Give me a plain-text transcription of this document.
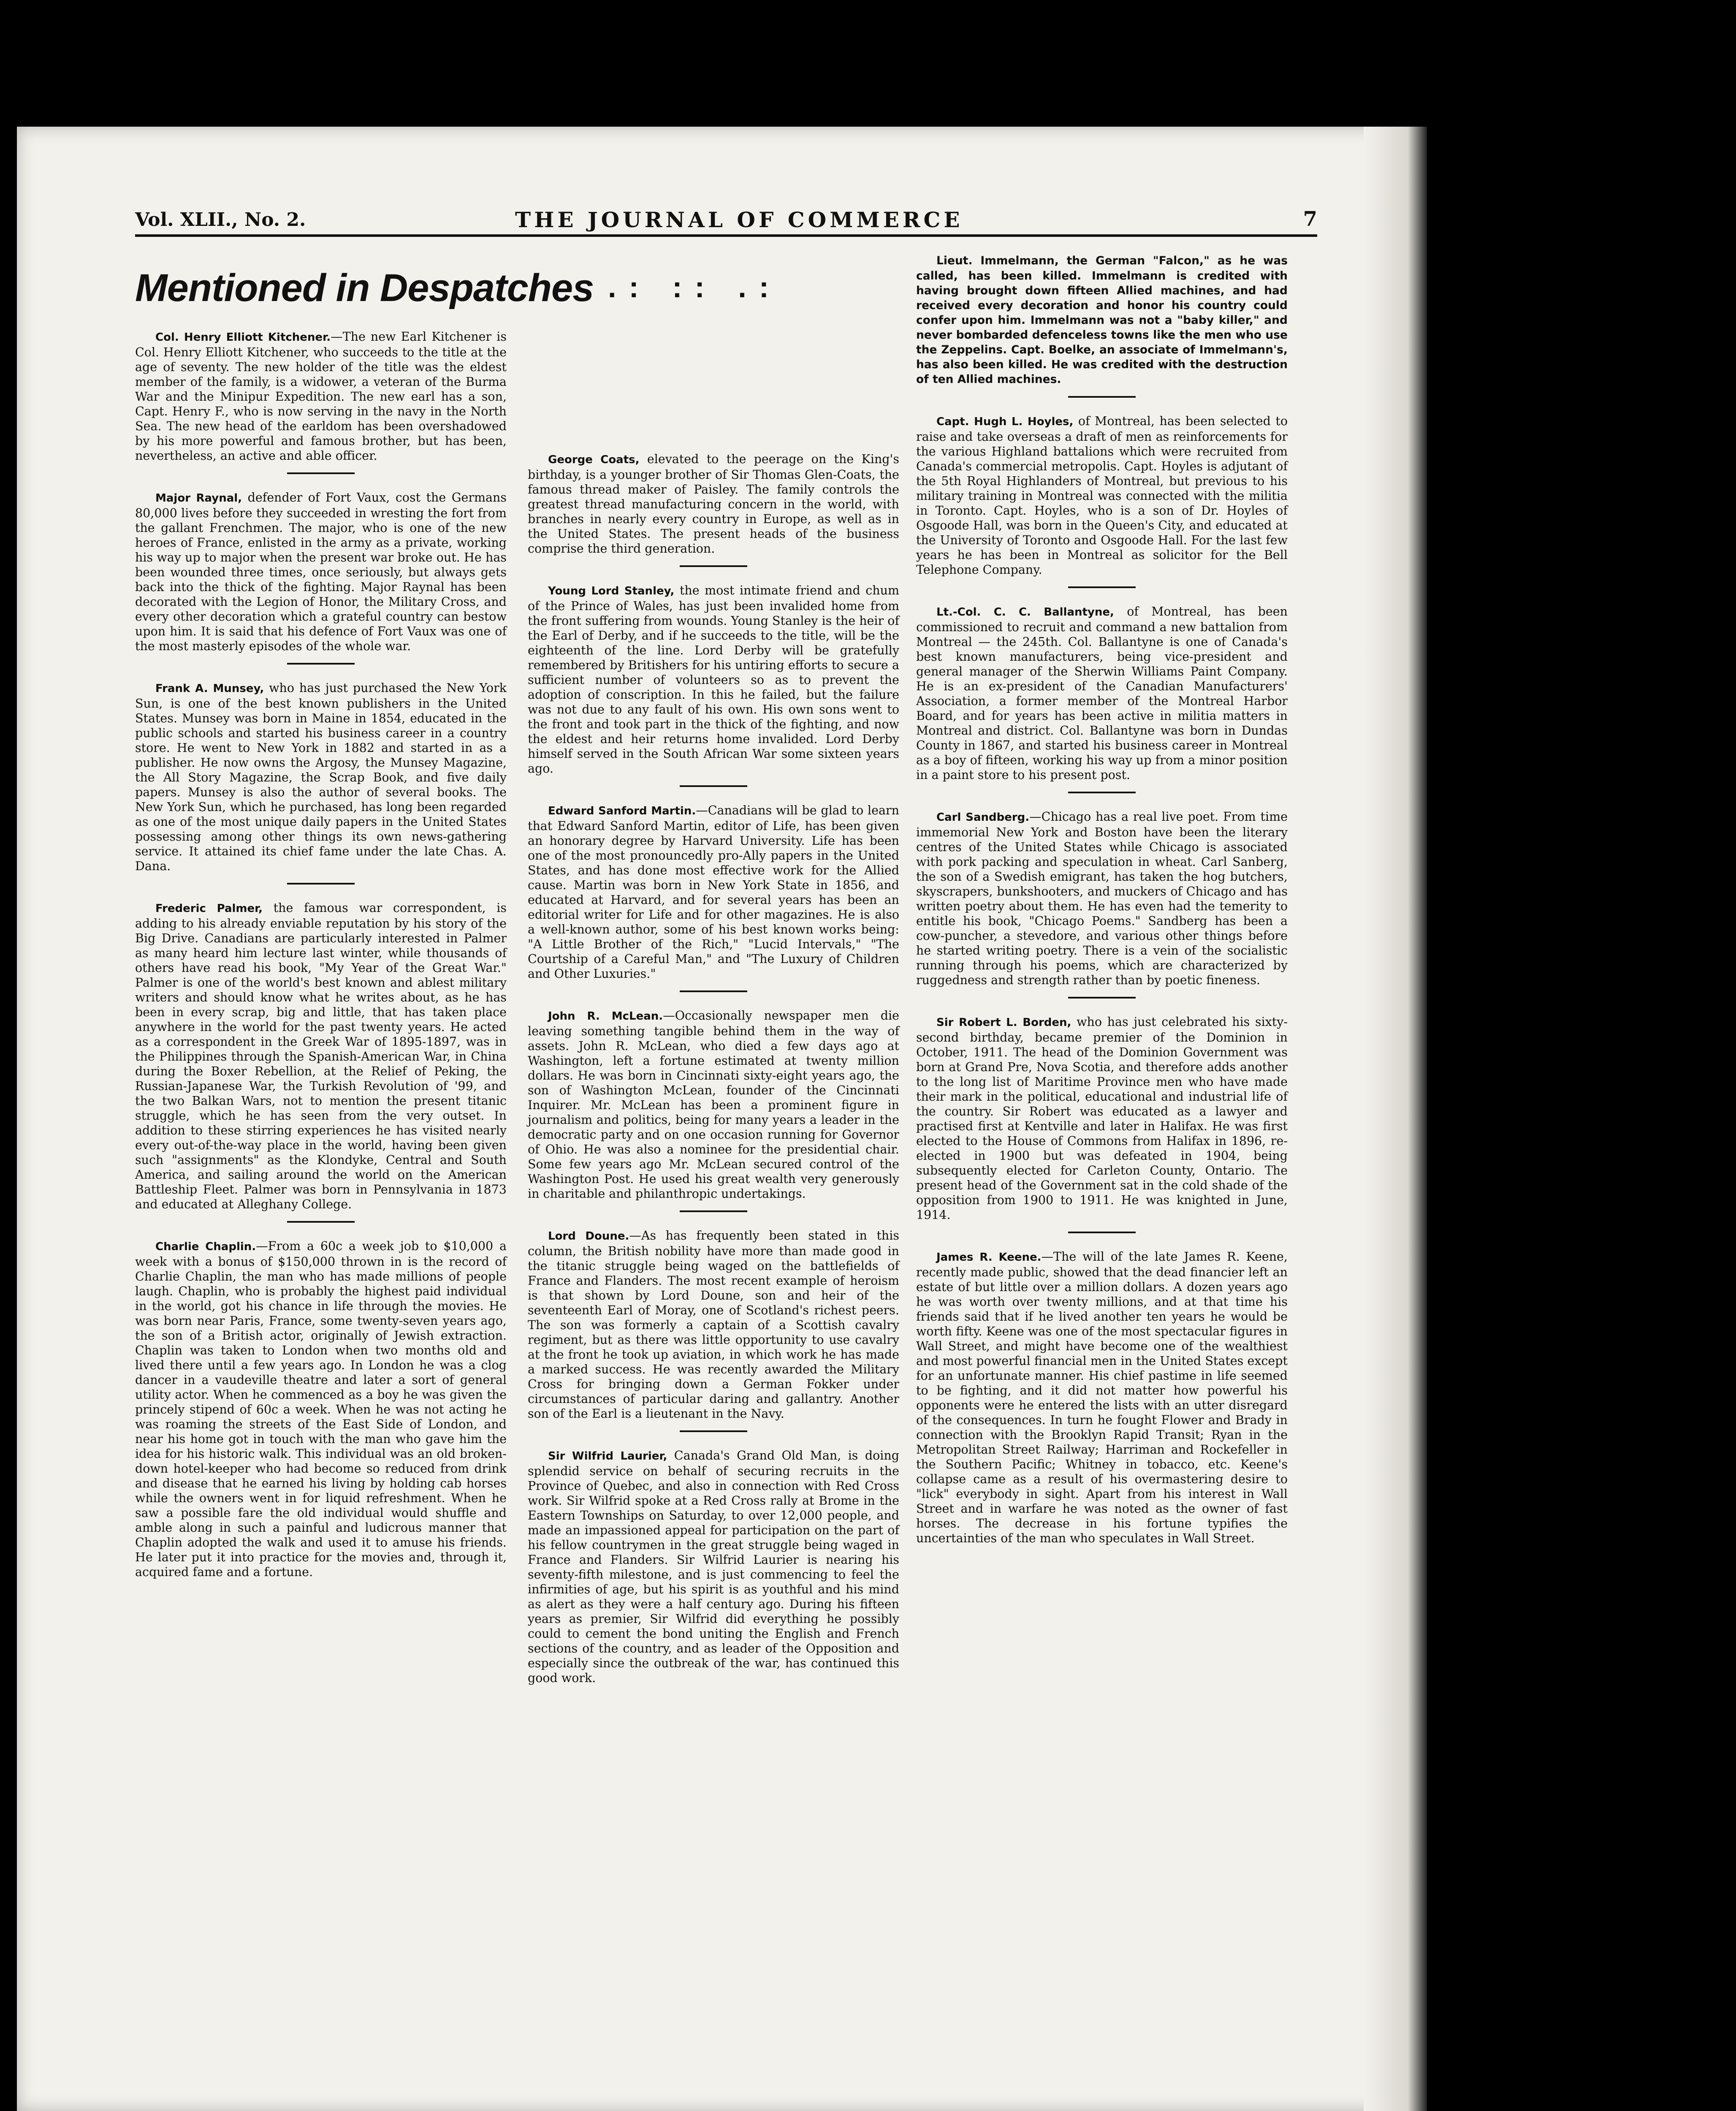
Vol. XLII., No. 2.	THE JOURNAL OF COMMERCE	7
Mentioned in Despatches .: :: .:

Col. Henry Elliott Kitchener.—The new Earl Kitchener is Col. Henry Elliott Kitchener, who succeeds to the title at the age of seventy. The new holder of the title was the eldest member of the family, is a widower, a veteran of the Burma War and the Minipur Expedition. The new earl has a son, Capt. Henry F., who is now serving in the navy in the North Sea. The new head of the earldom has been overshadowed by his more powerful and famous brother, but has been, nevertheless, an active and able officer.

Major Raynal, defender of Fort Vaux, cost the Germans 80,000 lives before they succeeded in wresting the fort from the gallant Frenchmen. The major, who is one of the new heroes of France, enlisted in the army as a private, working his way up to major when the present war broke out. He has been wounded three times, once seriously, but always gets back into the thick of the fighting. Major Raynal has been decorated with the Legion of Honor, the Military Cross, and every other decoration which a grateful country can bestow upon him. It is said that his defence of Fort Vaux was one of the most masterly episodes of the whole war.

Frank A. Munsey, who has just purchased the New York Sun, is one of the best known publishers in the United States. Munsey was born in Maine in 1854, educated in the public schools and started his business career in a country store. He went to New York in 1882 and started in as a publisher. He now owns the Argosy, the Munsey Magazine, the All Story Magazine, the Scrap Book, and five daily papers. Munsey is also the author of several books. The New York Sun, which he purchased, has long been regarded as one of the most unique daily papers in the United States possessing among other things its own news-gathering service. It attained its chief fame under the late Chas. A. Dana.

Frederic Palmer, the famous war correspondent, is adding to his already enviable reputation by his story of the Big Drive. Canadians are particularly interested in Palmer as many heard him lecture last winter, while thousands of others have read his book, "My Year of the Great War." Palmer is one of the world's best known and ablest military writers and should know what he writes about, as he has been in every scrap, big and little, that has taken place anywhere in the world for the past twenty years. He acted as a correspondent in the Greek War of 1895-1897, was in the Philippines through the Spanish-American War, in China during the Boxer Rebellion, at the Relief of Peking, the Russian-Japanese War, the Turkish Revolution of '99, and the two Balkan Wars, not to mention the present titanic struggle, which he has seen from the very outset. In addition to these stirring experiences he has visited nearly every out-of-the-way place in the world, having been given such "assignments" as the Klondyke, Central and South America, and sailing around the world on the American Battleship Fleet. Palmer was born in Pennsylvania in 1873 and educated at Alleghany College.

Charlie Chaplin.—From a 60c a week job to $10,000 a week with a bonus of $150,000 thrown in is the record of Charlie Chaplin, the man who has made millions of people laugh. Chaplin, who is probably the highest paid individual in the world, got his chance in life through the movies. He was born near Paris, France, some twenty-seven years ago, the son of a British actor, originally of Jewish extraction. Chaplin was taken to London when two months old and lived there until a few years ago. In London he was a clog dancer in a vaudeville theatre and later a sort of general utility actor. When he commenced as a boy he was given the princely stipend of 60c a week. When he was not acting he was roaming the streets of the East Side of London, and near his home got in touch with the man who gave him the idea for his historic walk. This individual was an old broken-down hotel-keeper who had become so reduced from drink and disease that he earned his living by holding cab horses while the owners went in for liquid refreshment. When he saw a possible fare the old individual would shuffle and amble along in such a painful and ludicrous manner that Chaplin adopted the walk and used it to amuse his friends. He later put it into practice for the movies and, through it, acquired fame and a fortune.

George Coats, elevated to the peerage on the King's birthday, is a younger brother of Sir Thomas Glen-Coats, the famous thread maker of Paisley. The family controls the greatest thread manufacturing concern in the world, with branches in nearly every country in Europe, as well as in the United States. The present heads of the business comprise the third generation.

Young Lord Stanley, the most intimate friend and chum of the Prince of Wales, has just been invalided home from the front suffering from wounds. Young Stanley is the heir of the Earl of Derby, and if he succeeds to the title, will be the eighteenth of the line. Lord Derby will be gratefully remembered by Britishers for his untiring efforts to secure a sufficient number of volunteers so as to prevent the adoption of conscription. In this he failed, but the failure was not due to any fault of his own. His own sons went to the front and took part in the thick of the fighting, and now the eldest and heir returns home invalided. Lord Derby himself served in the South African War some sixteen years ago.

Edward Sanford Martin.—Canadians will be glad to learn that Edward Sanford Martin, editor of Life, has been given an honorary degree by Harvard University. Life has been one of the most pronouncedly pro-Ally papers in the United States, and has done most effective work for the Allied cause. Martin was born in New York State in 1856, and educated at Harvard, and for several years has been an editorial writer for Life and for other magazines. He is also a well-known author, some of his best known works being: "A Little Brother of the Rich," "Lucid Intervals," "The Courtship of a Careful Man," and "The Luxury of Children and Other Luxuries."

John R. McLean.—Occasionally newspaper men die leaving something tangible behind them in the way of assets. John R. McLean, who died a few days ago at Washington, left a fortune estimated at twenty million dollars. He was born in Cincinnati sixty-eight years ago, the son of Washington McLean, founder of the Cincinnati Inquirer. Mr. McLean has been a prominent figure in journalism and politics, being for many years a leader in the democratic party and on one occasion running for Governor of Ohio. He was also a nominee for the presidential chair. Some few years ago Mr. McLean secured control of the Washington Post. He used his great wealth very generously in charitable and philanthropic undertakings.

Lord Doune.—As has frequently been stated in this column, the British nobility have more than made good in the titanic struggle being waged on the battlefields of France and Flanders. The most recent example of heroism is that shown by Lord Doune, son and heir of the seventeenth Earl of Moray, one of Scotland's richest peers. The son was formerly a captain of a Scottish cavalry regiment, but as there was little opportunity to use cavalry at the front he took up aviation, in which work he has made a marked success. He was recently awarded the Military Cross for bringing down a German Fokker under circumstances of particular daring and gallantry. Another son of the Earl is a lieutenant in the Navy.

Sir Wilfrid Laurier, Canada's Grand Old Man, is doing splendid service on behalf of securing recruits in the Province of Quebec, and also in connection with Red Cross work. Sir Wilfrid spoke at a Red Cross rally at Brome in the Eastern Townships on Saturday, to over 12,000 people, and made an impassioned appeal for participation on the part of his fellow countrymen in the great struggle being waged in France and Flanders. Sir Wilfrid Laurier is nearing his seventy-fifth milestone, and is just commencing to feel the infirmities of age, but his spirit is as youthful and his mind as alert as they were a half century ago. During his fifteen years as premier, Sir Wilfrid did everything he possibly could to cement the bond uniting the English and French sections of the country, and as leader of the Opposition and especially since the outbreak of the war, has continued this good work.

Lieut. Immelmann, the German "Falcon," as he was called, has been killed. Immelmann is credited with having brought down fifteen Allied machines, and had received every decoration and honor his country could confer upon him. Immelmann was not a "baby killer," and never bombarded defenceless towns like the men who use the Zeppelins. Capt. Boelke, an associate of Immelmann's, has also been killed. He was credited with the destruction of ten Allied machines.

Capt. Hugh L. Hoyles, of Montreal, has been selected to raise and take overseas a draft of men as reinforcements for the various Highland battalions which were recruited from Canada's commercial metropolis. Capt. Hoyles is adjutant of the 5th Royal Highlanders of Montreal, but previous to his military training in Montreal was connected with the militia in Toronto. Capt. Hoyles, who is a son of Dr. Hoyles of Osgoode Hall, was born in the Queen's City, and educated at the University of Toronto and Osgoode Hall. For the last few years he has been in Montreal as solicitor for the Bell Telephone Company.

Lt.-Col. C. C. Ballantyne, of Montreal, has been commissioned to recruit and command a new battalion from Montreal — the 245th. Col. Ballantyne is one of Canada's best known manufacturers, being vice-president and general manager of the Sherwin Williams Paint Company. He is an ex-president of the Canadian Manufacturers' Association, a former member of the Montreal Harbor Board, and for years has been active in militia matters in Montreal and district. Col. Ballantyne was born in Dundas County in 1867, and started his business career in Montreal as a boy of fifteen, working his way up from a minor position in a paint store to his present post.

Carl Sandberg.—Chicago has a real live poet. From time immemorial New York and Boston have been the literary centres of the United States while Chicago is associated with pork packing and speculation in wheat. Carl Sanberg, the son of a Swedish emigrant, has taken the hog butchers, skyscrapers, bunkshooters, and muckers of Chicago and has written poetry about them. He has even had the temerity to entitle his book, "Chicago Poems." Sandberg has been a cow-puncher, a stevedore, and various other things before he started writing poetry. There is a vein of the socialistic running through his poems, which are characterized by ruggedness and strength rather than by poetic fineness.

Sir Robert L. Borden, who has just celebrated his sixty-second birthday, became premier of the Dominion in October, 1911. The head of the Dominion Government was born at Grand Pre, Nova Scotia, and therefore adds another to the long list of Maritime Province men who have made their mark in the political, educational and industrial life of the country. Sir Robert was educated as a lawyer and practised first at Kentville and later in Halifax. He was first elected to the House of Commons from Halifax in 1896, re-elected in 1900 but was defeated in 1904, being subsequently elected for Carleton County, Ontario. The present head of the Government sat in the cold shade of the opposition from 1900 to 1911. He was knighted in June, 1914.

James R. Keene.—The will of the late James R. Keene, recently made public, showed that the dead financier left an estate of but little over a million dollars. A dozen years ago he was worth over twenty millions, and at that time his friends said that if he lived another ten years he would be worth fifty. Keene was one of the most spectacular figures in Wall Street, and might have become one of the wealthiest and most powerful financial men in the United States except for an unfortunate manner. His chief pastime in life seemed to be fighting, and it did not matter how powerful his opponents were he entered the lists with an utter disregard of the consequences. In turn he fought Flower and Brady in connection with the Brooklyn Rapid Transit; Ryan in the Metropolitan Street Railway; Harriman and Rockefeller in the Southern Pacific; Whitney in tobacco, etc. Keene's collapse came as a result of his overmastering desire to "lick" everybody in sight. Apart from his interest in Wall Street and in warfare he was noted as the owner of fast horses. The decrease in his fortune typifies the uncertainties of the man who speculates in Wall Street.
